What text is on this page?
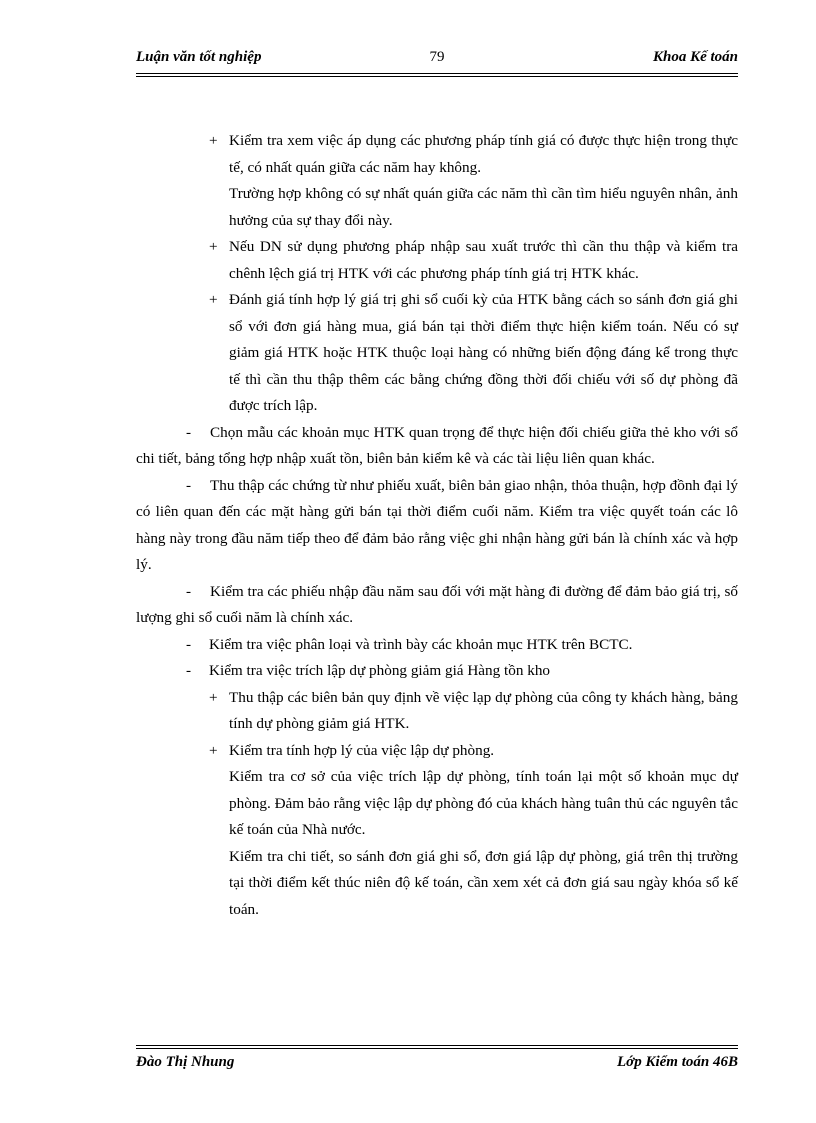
Luận văn tốt nghiệp	79	Khoa Kế toán

+ Kiểm tra xem việc áp dụng các phương pháp tính giá có được thực hiện trong thực tế, có nhất quán giữa các năm hay không.

Trường hợp không có sự nhất quán giữa các năm thì cần tìm hiểu nguyên nhân, ảnh hưởng của sự thay đổi này.

+ Nếu DN sử dụng phương pháp nhập sau xuất trước thì cần thu thập và kiểm tra chênh lệch giá trị HTK với các phương pháp tính giá trị HTK khác.

+ Đánh giá tính hợp lý giá trị ghi sổ cuối kỳ của HTK bằng cách so sánh đơn giá ghi sổ với đơn giá hàng mua, giá bán tại thời điểm thực hiện kiểm toán. Nếu có sự giảm giá HTK hoặc HTK thuộc loại hàng có những biến động đáng kể trong thực tế thì cần thu thập thêm các bằng chứng đồng thời đối chiếu với số dự phòng đã được trích lập.

- Chọn mẫu các khoản mục HTK quan trọng để thực hiện đối chiếu giữa thẻ kho với sổ chi tiết, bảng tổng hợp nhập xuất tồn, biên bản kiểm kê và các tài liệu liên quan khác.

- Thu thập các chứng từ như phiếu xuất, biên bản giao nhận, thỏa thuận, hợp đồnh đại lý có liên quan đến các mặt hàng gửi bán tại thời điểm cuối năm. Kiểm tra việc quyết toán các lô hàng này trong đầu năm tiếp theo để đảm bảo rằng việc ghi nhận hàng gửi bán là chính xác và hợp lý.

- Kiểm tra các phiếu nhập đầu năm sau đối với mặt hàng đi đường để đảm bảo giá trị, số lượng ghi sổ cuối năm là chính xác.

- Kiểm tra việc phân loại và trình bày các khoản mục HTK trên BCTC.

- Kiểm tra việc trích lập dự phòng giảm giá Hàng tồn kho

+ Thu thập các biên bản quy định về việc lạp dự phòng của công ty khách hàng, bảng tính dự phòng giảm giá HTK.

+ Kiểm tra tính hợp lý của việc lập dự phòng.

Kiểm tra cơ sở của việc trích lập dự phòng, tính toán lại một số khoản mục dự phòng. Đảm bảo rằng việc lập dự phòng đó của khách hàng tuân thủ các nguyên tắc kế toán của Nhà nước.

Kiểm tra chi tiết, so sánh đơn giá ghi sổ, đơn giá lập dự phòng, giá trên thị trường tại thời điểm kết thúc niên độ kế toán, cần xem xét cả đơn giá sau ngày khóa sổ kế toán.

Đào Thị Nhung	Lớp Kiểm toán 46B
